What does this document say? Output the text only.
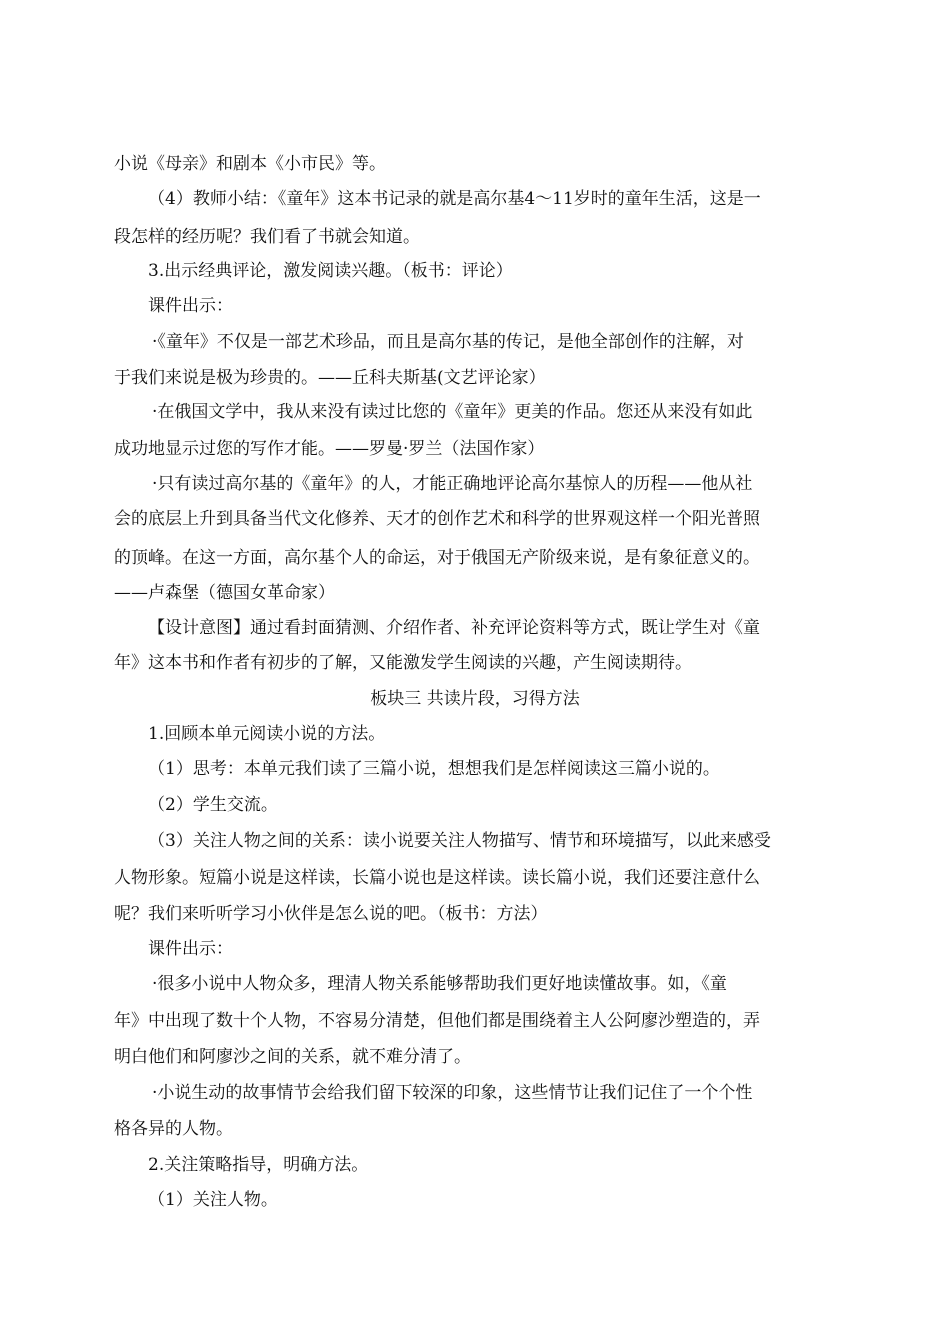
小说《母亲》和剧本《小市民》等。
（4）教师小结：《童年》这本书记录的就是高尔基4～11岁时的童年生活，这是一
段怎样的经历呢？我们看了书就会知道。
3.出示经典评论，激发阅读兴趣。（板书：评论）
课件出示：
·《童年》不仅是一部艺术珍品，而且是高尔基的传记，是他全部创作的注解，对
于我们来说是极为珍贵的。——丘科夫斯基(文艺评论家）
·在俄国文学中，我从来没有读过比您的《童年》更美的作品。您还从来没有如此
成功地显示过您的写作才能。——罗曼·罗兰（法国作家）
·只有读过高尔基的《童年》的人，才能正确地评论高尔基惊人的历程——他从社
会的底层上升到具备当代文化修养、天才的创作艺术和科学的世界观这样一个阳光普照
的顶峰。在这一方面，高尔基个人的命运，对于俄国无产阶级来说，是有象征意义的。
——卢森堡（德国女革命家）
【设计意图】通过看封面猜测、介绍作者、补充评论资料等方式，既让学生对《童
年》这本书和作者有初步的了解，又能激发学生阅读的兴趣，产生阅读期待。
板块三 共读片段，习得方法
1.回顾本单元阅读小说的方法。
（1）思考：本单元我们读了三篇小说，想想我们是怎样阅读这三篇小说的。
（2）学生交流。
（3）关注人物之间的关系：读小说要关注人物描写、情节和环境描写，以此来感受
人物形象。短篇小说是这样读，长篇小说也是这样读。读长篇小说，我们还要注意什么
呢？我们来听听学习小伙伴是怎么说的吧。（板书：方法）
课件出示：
·很多小说中人物众多，理清人物关系能够帮助我们更好地读懂故事。如，《童
年》中出现了数十个人物，不容易分清楚，但他们都是围绕着主人公阿廖沙塑造的，弄
明白他们和阿廖沙之间的关系，就不难分清了。
·小说生动的故事情节会给我们留下较深的印象，这些情节让我们记住了一个个性
格各异的人物。
2.关注策略指导，明确方法。
（1）关注人物。
